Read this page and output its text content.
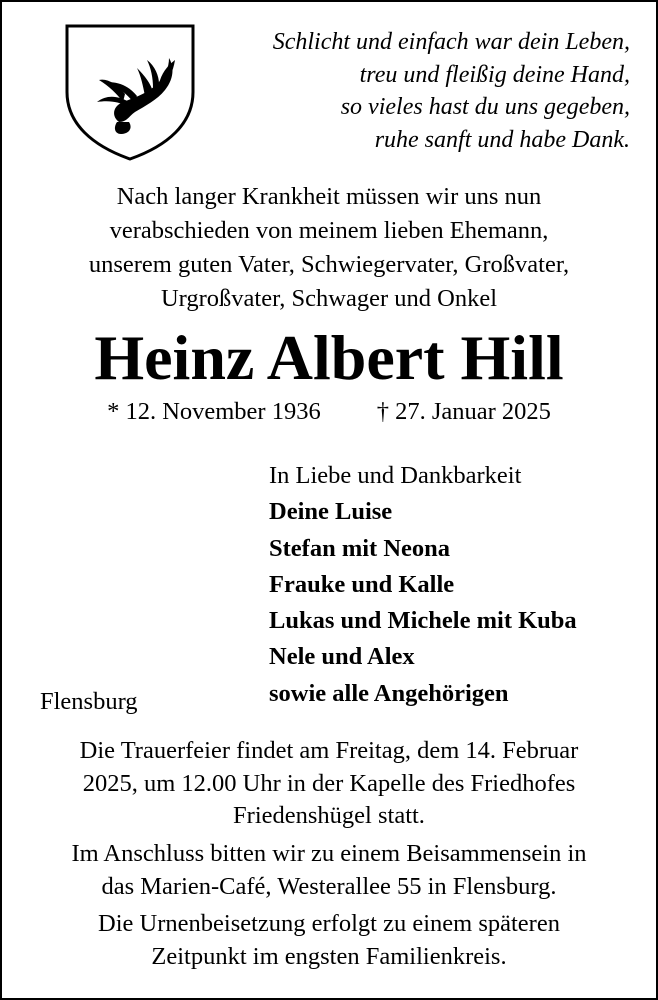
Schlicht und einfach war dein Leben,
treu und fleißig deine Hand,
so vieles hast du uns gegeben,
ruhe sanft und habe Dank.
Nach langer Krankheit müssen wir uns nun
verabschieden von meinem lieben Ehemann,
unserem guten Vater, Schwiegervater, Großvater,
Urgroßvater, Schwager und Onkel
Heinz Albert Hill
* 12. November 1936 † 27. Januar 2025
In Liebe und Dankbarkeit
Deine Luise
Stefan mit Neona
Frauke und Kalle
Lukas und Michele mit Kuba
Nele und Alex
sowie alle Angehörigen
Flensburg
Die Trauerfeier findet am Freitag, dem 14. Februar
2025, um 12.00 Uhr in der Kapelle des Friedhofes
Friedenshügel statt.
Im Anschluss bitten wir zu einem Beisammensein in
das Marien-Café, Westerallee 55 in Flensburg.
Die Urnenbeisetzung erfolgt zu einem späteren
Zeitpunkt im engsten Familienkreis.
